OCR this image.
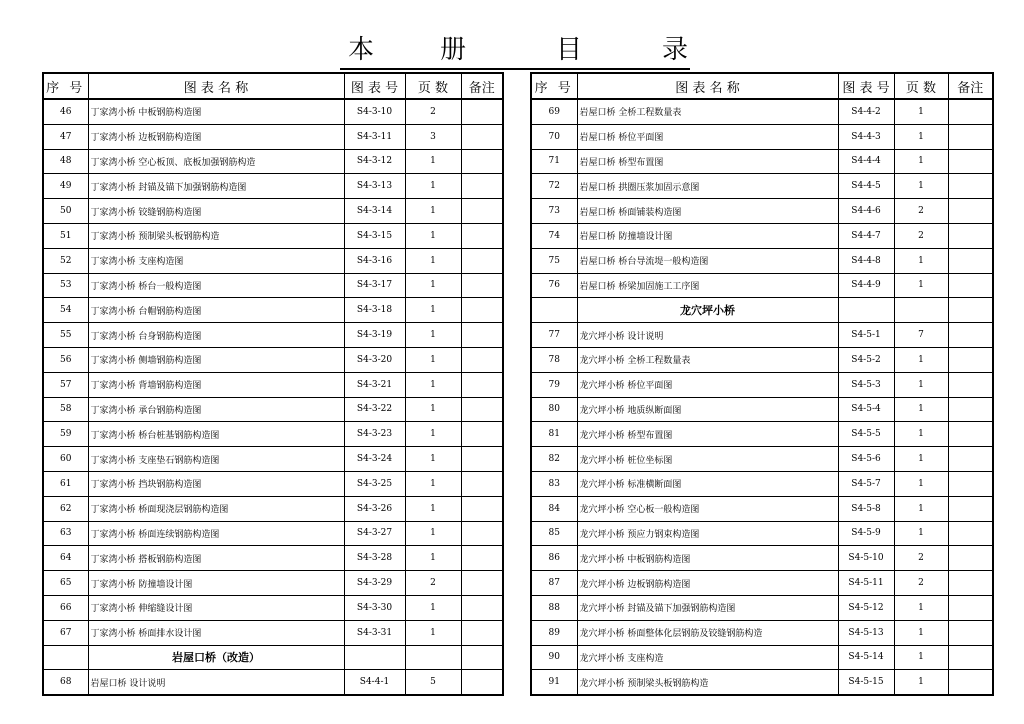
本	册	目	录
序 号	图 表 名 称	图 表 号	页 数	备注
46	丁家湾小桥 中板钢筋构造图	S4-3-10	2	
47	丁家湾小桥 边板钢筋构造图	S4-3-11	3	
48	丁家湾小桥 空心板顶、底板加强钢筋构造	S4-3-12	1	
49	丁家湾小桥 封锚及锚下加强钢筋构造图	S4-3-13	1	
50	丁家湾小桥 铰缝钢筋构造图	S4-3-14	1	
51	丁家湾小桥 预制梁头板钢筋构造	S4-3-15	1	
52	丁家湾小桥 支座构造图	S4-3-16	1	
53	丁家湾小桥 桥台一般构造图	S4-3-17	1	
54	丁家湾小桥 台帽钢筋构造图	S4-3-18	1	
55	丁家湾小桥 台身钢筋构造图	S4-3-19	1	
56	丁家湾小桥 侧墙钢筋构造图	S4-3-20	1	
57	丁家湾小桥 背墙钢筋构造图	S4-3-21	1	
58	丁家湾小桥 承台钢筋构造图	S4-3-22	1	
59	丁家湾小桥 桥台桩基钢筋构造图	S4-3-23	1	
60	丁家湾小桥 支座垫石钢筋构造图	S4-3-24	1	
61	丁家湾小桥 挡块钢筋构造图	S4-3-25	1	
62	丁家湾小桥 桥面现浇层钢筋构造图	S4-3-26	1	
63	丁家湾小桥 桥面连续钢筋构造图	S4-3-27	1	
64	丁家湾小桥 搭板钢筋构造图	S4-3-28	1	
65	丁家湾小桥 防撞墙设计图	S4-3-29	2	
66	丁家湾小桥 伸缩缝设计图	S4-3-30	1	
67	丁家湾小桥 桥面排水设计图	S4-3-31	1	
	岩屋口桥（改造）			
68	岩屋口桥 设计说明	S4-4-1	5	
序 号	图 表 名 称	图 表 号	页 数	备注
69	岩屋口桥 全桥工程数量表	S4-4-2	1	
70	岩屋口桥 桥位平面图	S4-4-3	1	
71	岩屋口桥 桥型布置图	S4-4-4	1	
72	岩屋口桥 拱圈压浆加固示意图	S4-4-5	1	
73	岩屋口桥 桥面铺装构造图	S4-4-6	2	
74	岩屋口桥 防撞墙设计图	S4-4-7	2	
75	岩屋口桥 桥台导流堤一般构造图	S4-4-8	1	
76	岩屋口桥 桥梁加固施工工序图	S4-4-9	1	
	龙穴坪小桥			
77	龙穴坪小桥 设计说明	S4-5-1	7	
78	龙穴坪小桥 全桥工程数量表	S4-5-2	1	
79	龙穴坪小桥 桥位平面图	S4-5-3	1	
80	龙穴坪小桥 地质纵断面图	S4-5-4	1	
81	龙穴坪小桥 桥型布置图	S4-5-5	1	
82	龙穴坪小桥 桩位坐标图	S4-5-6	1	
83	龙穴坪小桥 标准横断面图	S4-5-7	1	
84	龙穴坪小桥 空心板一般构造图	S4-5-8	1	
85	龙穴坪小桥 预应力钢束构造图	S4-5-9	1	
86	龙穴坪小桥 中板钢筋构造图	S4-5-10	2	
87	龙穴坪小桥 边板钢筋构造图	S4-5-11	2	
88	龙穴坪小桥 封锚及锚下加强钢筋构造图	S4-5-12	1	
89	龙穴坪小桥 桥面整体化层钢筋及铰缝钢筋构造	S4-5-13	1	
90	龙穴坪小桥 支座构造	S4-5-14	1	
91	龙穴坪小桥 预制梁头板钢筋构造	S4-5-15	1	
